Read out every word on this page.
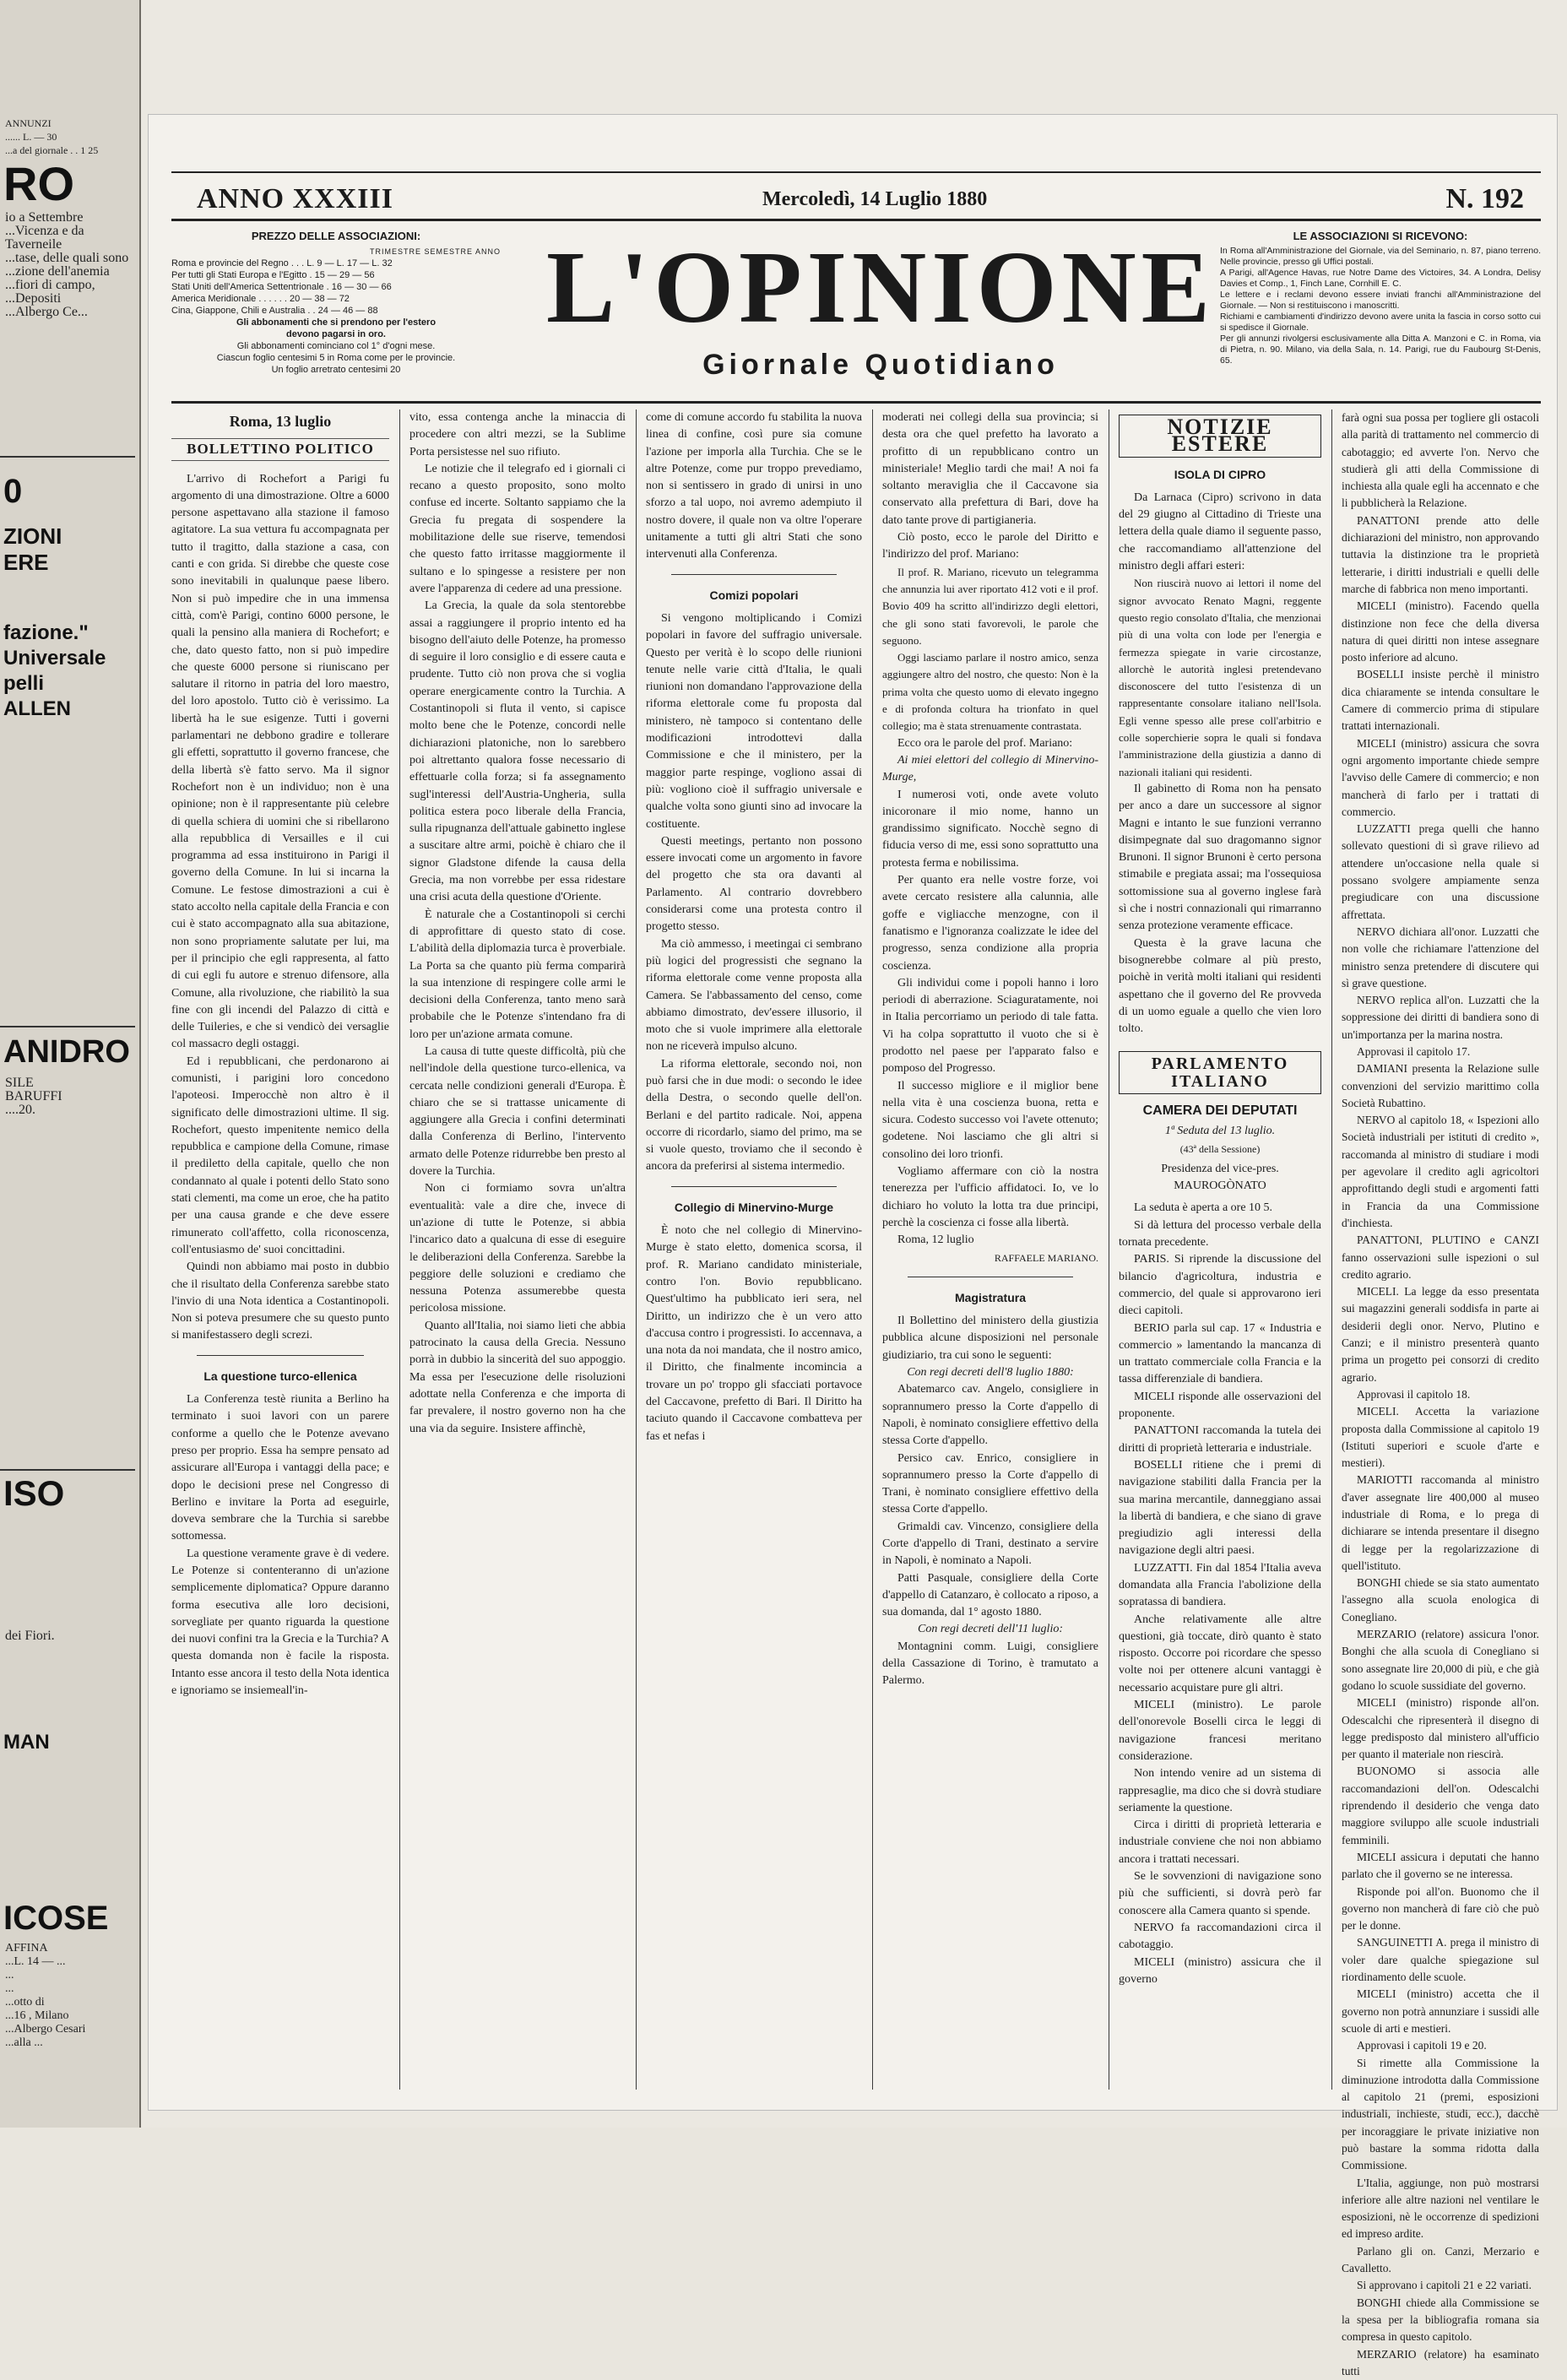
ANNUNZI
...... L. — 30
...a del giornale . . 1 25
RO
io a Settembre
...Vicenza e da Taverneile
...tase, delle quali sono
...zione dell'anemia
...fiori di campo,
...Depositi
...Albergo Ce...
0
ZIONI
ERE
fazione."
Universale
pelli
ALLEN
ANIDRO
SILE
BARUFFI
....20.
ISO
dei Fiori.
MAN
ICOSE
AFFINA
...L. 14 — ...
...
...
...otto di
...16 , Milano
...Albergo Cesari
...alla ...
ANNO XXXIII	Mercoledì, 14 Luglio 1880	N. 192
PREZZO DELLE ASSOCIAZIONI:
TRIMESTRE SEMESTRE ANNO
Roma e provincie del Regno . . . L. 9 — L. 17 — L. 32
Per tutti gli Stati Europa e l'Egitto . 15 — 29 — 56
Stati Uniti dell'America Settentrionale . 16 — 30 — 66
America Meridionale . . . . . . 20 — 38 — 72
Cina, Giappone, Chili e Australia . . 24 — 46 — 88
Gli abbonamenti che si prendono per l'estero
devono pagarsi in oro.
Gli abbonamenti cominciano col 1° d'ogni mese.
Ciascun foglio centesimi 5 in Roma come per le provincie.
Un foglio arretrato centesimi 20
L'OPINIONE
Giornale Quotidiano
LE ASSOCIAZIONI SI RICEVONO:
In Roma all'Amministrazione del Giornale, via del Seminario, n. 87, piano terreno. Nelle provincie, presso gli Uffici postali.
A Parigi, all'Agence Havas, rue Notre Dame des Victoires, 34. A Londra, Delisy Davies et Comp., 1, Finch Lane, Cornhill E. C.
Le lettere e i reclami devono essere inviati franchi all'Amministrazione del Giornale. — Non si restituiscono i manoscritti.
Richiami e cambiamenti d'indirizzo devono avere unita la fascia in corso sotto cui si spedisce il Giornale.
Per gli annunzi rivolgersi esclusivamente alla Ditta A. Manzoni e C. in Roma, via di Pietra, n. 90. Milano, via della Sala, n. 14. Parigi, rue du Faubourg St-Denis, 65.
Roma, 13 luglio
BOLLETTINO POLITICO

L'arrivo di Rochefort a Parigi fu argomento di una dimostrazione. Oltre a 6000 persone aspettavano alla stazione il famoso agitatore. La sua vettura fu accompagnata per tutto il tragitto, dalla stazione a casa, con canti e con grida. Si direbbe che queste cose sono inevitabili in qualunque paese libero. Non si può impedire che in una immensa città, com'è Parigi, contino 6000 persone, le quali la pensino alla maniera di Rochefort; e che, dato questo fatto, non si può impedire che queste 6000 persone si riuniscano per salutare il ritorno in patria del loro maestro, del loro apostolo. Tutto ciò è verissimo. La libertà ha le sue esigenze. Tutti i governi parlamentari ne debbono gradire e tollerare gli effetti, soprattutto il governo francese, che della libertà s'è fatto servo. Ma il signor Rochefort non è un individuo; non è una opinione; non è il rappresentante più celebre di quella schiera di uomini che si ribellarono alla repubblica di Versailles e il cui programma ad essa instituirono in Parigi il governo della Comune. In lui si incarna la Comune. Le festose dimostrazioni a cui è stato accolto nella capitale della Francia e con cui è stato accompagnato alla sua abitazione, non sono propriamente salutate per lui, ma per il principio che egli rappresenta, al fatto di cui egli fu autore e strenuo difensore, alla Comune, alla rivoluzione, che riabilitò la sua fine con gli incendi del Palazzo di città e delle Tuileries, e che si vendicò dei versaglie col massacro degli ostaggi.

Ed i repubblicani, che perdonarono ai comunisti, i parigini loro concedono l'apoteosi. Imperocchè non altro è il significato delle dimostrazioni ultime. Il sig. Rochefort, questo impenitente nemico della repubblica e campione della Comune, rimase il prediletto della capitale, quello che non condannato al quale i potenti dello Stato sono stati clementi, ma come un eroe, che ha patito per una causa grande e che deve essere rimunerato coll'affetto, colla riconoscenza, coll'entusiasmo de' suoi concittadini.

Quindi non abbiamo mai posto in dubbio che il risultato della Conferenza sarebbe stato l'invio di una Nota identica a Costantinopoli. Non si poteva presumere che su questo punto si manifestassero degli screzi.

La questione turco-ellenica

La Conferenza testè riunita a Berlino ha terminato i suoi lavori con un parere conforme a quello che le Potenze avevano preso per proprio. Essa ha sempre pensato ad assicurare all'Europa i vantaggi della pace; e dopo le decisioni prese nel Congresso di Berlino e invitare la Porta ad eseguirle, doveva sembrare che la Turchia si sarebbe sottomessa.

La questione veramente grave è di vedere. Le Potenze si contenteranno di un'azione semplicemente diplomatica? Oppure daranno forma esecutiva alle loro decisioni, sorvegliate per quanto riguarda la questione dei nuovi confini tra la Grecia e la Turchia? A questa domanda non è facile la risposta. Intanto esse ancora il testo della Nota identica e ignoriamo se insiemeall'in-

vito, essa contenga anche la minaccia di procedere con altri mezzi, se la Sublime Porta persistesse nel suo rifiuto.

Le notizie che il telegrafo ed i giornali ci recano a questo proposito, sono molto confuse ed incerte. Soltanto sappiamo che la Grecia fu pregata di sospendere la mobilitazione delle sue riserve, temendosi che questo fatto irritasse maggiormente il sultano e lo spingesse a resistere per non avere l'apparenza di cedere ad una pressione.

La Grecia, la quale da sola stentorebbe assai a raggiungere il proprio intento ed ha bisogno dell'aiuto delle Potenze, ha promesso di seguire il loro consiglio e di essere cauta e prudente. Tutto ciò non prova che si voglia operare energicamente contro la Turchia. A Costantinopoli si fluta il vento, si capisce molto bene che le Potenze, concordi nelle dichiarazioni platoniche, non lo sarebbero poi altrettanto qualora fosse necessario di effettuarle colla forza; si fa assegnamento sugl'interessi dell'Austria-Ungheria, sulla politica estera poco liberale della Francia, sulla ripugnanza dell'attuale gabinetto inglese a suscitare altre armi, poichè è chiaro che il signor Gladstone difende la causa della Grecia, ma non vorrebbe per essa ridestare una crisi acuta della questione d'Oriente.

È naturale che a Costantinopoli si cerchi di approfittare di questo stato di cose. L'abilità della diplomazia turca è proverbiale. La Porta sa che quanto più ferma comparirà la sua intenzione di respingere colle armi le decisioni della Conferenza, tanto meno sarà probabile che le Potenze s'intendano fra di loro per un'azione armata comune.

La causa di tutte queste difficoltà, più che nell'indole della questione turco-ellenica, va cercata nelle condizioni generali d'Europa. È chiaro che se si trattasse unicamente di aggiungere alla Grecia i confini determinati dalla Conferenza di Berlino, l'intervento armato delle Potenze ridurrebbe ben presto al dovere la Turchia.

Non ci formiamo sovra un'altra eventualità: vale a dire che, invece di un'azione di tutte le Potenze, si abbia l'incarico dato a qualcuna di esse di eseguire le deliberazioni della Conferenza. Sarebbe la peggiore delle soluzioni e crediamo che nessuna Potenza assumerebbe questa pericolosa missione.

Quanto all'Italia, noi siamo lieti che abbia patrocinato la causa della Grecia. Nessuno porrà in dubbio la sincerità del suo appoggio. Ma essa per l'esecuzione delle risoluzioni adottate nella Conferenza e che importa di far prevalere, il nostro governo non ha che una via da seguire. Insistere affinchè,

come di comune accordo fu stabilita la nuova linea di confine, così pure sia comune l'azione per imporla alla Turchia. Che se le altre Potenze, come pur troppo prevediamo, non si sentissero in grado di unirsi in uno sforzo a tal uopo, noi avremo adempiuto il nostro dovere, il quale non va oltre l'operare unitamente a tutti gli altri Stati che sono intervenuti alla Conferenza.

Comizi popolari

Si vengono moltiplicando i Comizi popolari in favore del suffragio universale. Questo per verità è lo scopo delle riunioni tenute nelle varie città d'Italia, le quali riunioni non domandano l'approvazione della riforma elettorale come fu proposta dal ministero, nè tampoco si contentano delle modificazioni introdottevi dalla Commissione e che il ministero, per la maggior parte respinge, vogliono assai di più: vogliono cioè il suffragio universale e qualche volta sono giunti sino ad invocare la costituente.

Questi meetings, pertanto non possono essere invocati come un argomento in favore del progetto che sta ora davanti al Parlamento. Al contrario dovrebbero considerarsi come una protesta contro il progetto stesso.

Ma ciò ammesso, i meetingai ci sembrano più logici del progressisti che segnano la riforma elettorale come venne proposta alla Camera. Se l'abbassamento del censo, come abbiamo dimostrato, dev'essere illusorio, il moto che si vuole imprimere alla elettorale non ne riceverà impulso alcuno.

La riforma elettorale, secondo noi, non può farsi che in due modi: o secondo le idee della Destra, o secondo quelle dell'on. Berlani e del partito radicale. Noi, appena occorre di ricordarlo, siamo del primo, ma se si vuole questo, troviamo che il secondo è ancora da preferirsi al sistema intermedio.

Collegio di Minervino-Murge

È noto che nel collegio di Minervino-Murge è stato eletto, domenica scorsa, il prof. R. Mariano candidato ministeriale, contro l'on. Bovio repubblicano. Quest'ultimo ha pubblicato ieri sera, nel Diritto, un indirizzo che è un vero atto d'accusa contro i progressisti. Io accennava, a una nota da noi mandata, che il nostro amico, il Diritto, che finalmente incomincia a trovare un po' troppo gli sfacciati portavoce del Caccavone, prefetto di Bari. Il Diritto ha taciuto quando il Caccavone combatteva per fas et nefas i

moderati nei collegi della sua provincia; si desta ora che quel prefetto ha lavorato a profitto di un repubblicano contro un ministeriale! Meglio tardi che mai! A noi fa soltanto meraviglia che il Caccavone sia conservato alla prefettura di Bari, dove ha dato tante prove di partigianeria.

Ciò posto, ecco le parole del Diritto e l'indirizzo del prof. Mariano:

Il prof. R. Mariano, ricevuto un telegramma che annunzia lui aver riportato 412 voti e il prof. Bovio 409 ha scritto all'indirizzo degli elettori, che gli sono stati favorevoli, le parole che seguono.

Oggi lasciamo parlare il nostro amico, senza aggiungere altro del nostro, che questo: Non è la prima volta che questo uomo di elevato ingegno e di profonda coltura ha trionfato in quel collegio; ma è stata strenuamente contrastata.

Ecco ora le parole del prof. Mariano:

Ai miei elettori del collegio di Minervino-Murge,

I numerosi voti, onde avete voluto inicoronare il mio nome, hanno un grandissimo significato. Nocchè segno di fiducia verso di me, essi sono soprattutto una protesta ferma e nobilissima.

Per quanto era nelle vostre forze, voi avete cercato resistere alla calunnia, alle goffe e vigliacche menzogne, con il fanatismo e l'ignoranza coalizzate le idee del progresso, senza condizione alla propria coscienza.

Gli individui come i popoli hanno i loro periodi di aberrazione. Sciaguratamente, noi in Italia percorriamo un periodo di tale fatta. Vi ha colpa soprattutto il vuoto che si è prodotto nel paese per l'apparato falso e pomposo del Progresso.

Il successo migliore e il miglior bene nella vita è una coscienza buona, retta e sicura. Codesto successo voi l'avete ottenuto; godetene. Noi lasciamo che gli altri si consolino dei loro trionfi.

Vogliamo affermare con ciò la nostra tenerezza per l'ufficio affidatoci. Io, ve lo dichiaro ho voluto la lotta tra due principi, perchè la coscienza ci fosse alla libertà.

Roma, 12 luglio

RAFFAELE MARIANO.
Magistratura

Il Bollettino del ministero della giustizia pubblica alcune disposizioni nel personale giudiziario, tra cui sono le seguenti:

Con regi decreti dell'8 luglio 1880:

Abatemarco cav. Angelo, consigliere in soprannumero presso la Corte d'appello di Napoli, è nominato consigliere effettivo della stessa Corte d'appello.

Persico cav. Enrico, consigliere in soprannumero presso la Corte d'appello di Trani, è nominato consigliere effettivo della stessa Corte d'appello.

Grimaldi cav. Vincenzo, consigliere della Corte d'appello di Trani, destinato a servire in Napoli, è nominato a Napoli.

Patti Pasquale, consigliere della Corte d'appello di Catanzaro, è collocato a riposo, a sua domanda, dal 1° agosto 1880.

Con regi decreti dell'11 luglio:

Montagnini comm. Luigi, consigliere della Cassazione di Torino, è tramutato a Palermo.

NOTIZIE ESTERE
ISOLA DI CIPRO

Da Larnaca (Cipro) scrivono in data del 29 giugno al Cittadino di Trieste una lettera della quale diamo il seguente passo, che raccomandiamo all'attenzione del ministro degli affari esteri:

Non riuscirà nuovo ai lettori il nome del signor avvocato Renato Magni, reggente questo regio consolato d'Italia, che menzionai più di una volta con lode per l'energia e fermezza spiegate in varie circostanze, allorchè le autorità inglesi pretendevano disconoscere del tutto l'esistenza di un rappresentante consolare italiano nell'Isola. Egli venne spesso alle prese coll'arbitrio e colle soperchierie sopra le quali si fondava l'amministrazione della giustizia a danno di nazionali italiani qui residenti.

Il gabinetto di Roma non ha pensato per anco a dare un successore al signor Magni e intanto le sue funzioni verranno disimpegnate dal suo dragomanno signor Brunoni. Il signor Brunoni è certo persona stimabile e pregiata assai; ma l'ossequiosa sottomissione sua al governo inglese farà sì che i nostri connazionali qui rimarranno senza protezione veramente efficace.

Questa è la grave lacuna che bisognerebbe colmare al più presto, poichè in verità molti italiani qui residenti aspettano che il governo del Re provveda di un uomo eguale a quello che vien loro tolto.

PARLAMENTO ITALIANO
CAMERA DEI DEPUTATI
1ª Seduta del 13 luglio.
(43ª della Sessione)
Presidenza del vice-pres. MAUROGÒNATO

La seduta è aperta a ore 10 5.

Si dà lettura del processo verbale della tornata precedente.

PARIS. Si riprende la discussione del bilancio d'agricoltura, industria e commercio, del quale si approvarono ieri dieci capitoli.

BERIO parla sul cap. 17 « Industria e commercio » lamentando la mancanza di un trattato commerciale colla Francia e la tassa differenziale di bandiera.

MICELI risponde alle osservazioni del proponente.

PANATTONI raccomanda la tutela dei diritti di proprietà letteraria e industriale.

BOSELLI ritiene che i premi di navigazione stabiliti dalla Francia per la sua marina mercantile, danneggiano assai la libertà di bandiera, e che siano di grave pregiudizio agli interessi della navigazione degli altri paesi.

LUZZATTI. Fin dal 1854 l'Italia aveva domandata alla Francia l'abolizione della sopratassa di bandiera.

Anche relativamente alle altre questioni, già toccate, dirò quanto è stato risposto. Occorre poi ricordare che spesso volte noi per ottenere alcuni vantaggi è necessario acquistare pure gli altri.

MICELI (ministro). Le parole dell'onorevole Boselli circa le leggi di navigazione francesi meritano considerazione.

Non intendo venire ad un sistema di rappresaglie, ma dico che si dovrà studiare seriamente la questione.

Circa i diritti di proprietà letteraria e industriale conviene che noi non abbiamo ancora i trattati necessari.

Se le sovvenzioni di navigazione sono più che sufficienti, si dovrà però far conoscere alla Camera quanto si spende.

NERVO fa raccomandazioni circa il cabotaggio.

MICELI (ministro) assicura che il governo

farà ogni sua possa per togliere gli ostacoli alla parità di trattamento nel commercio di cabotaggio; ed avverte l'on. Nervo che studierà gli atti della Commissione di inchiesta alla quale egli ha accennato e che li pubblicherà la Relazione.

PANATTONI prende atto delle dichiarazioni del ministro, non approvando tuttavia la distinzione tra le proprietà letterarie, i diritti industriali e quelli delle marche di fabbrica non meno importanti.

MICELI (ministro). Facendo quella distinzione non fece che della diversa natura di quei diritti non intese assegnare posto inferiore ad alcuno.

BOSELLI insiste perchè il ministro dica chiaramente se intenda consultare le Camere di commercio prima di stipulare trattati internazionali.

MICELI (ministro) assicura che sovra ogni argomento importante chiede sempre l'avviso delle Camere di commercio; e non mancherà di farlo per i trattati di commercio.

LUZZATTI prega quelli che hanno sollevato questioni di sì grave rilievo ad attendere un'occasione nella quale si possano svolgere ampiamente senza pregiudicare con una discussione affrettata.

NERVO dichiara all'onor. Luzzatti che non volle che richiamare l'attenzione del ministro senza pretendere di discutere qui sì grave questione.

NERVO replica all'on. Luzzatti che la soppressione dei diritti di bandiera sono di un'importanza per la marina nostra.

Approvasi il capitolo 17.

DAMIANI presenta la Relazione sulle convenzioni del servizio marittimo colla Società Rubattino.

NERVO al capitolo 18, « Ispezioni allo Società industriali per istituti di credito », raccomanda al ministro di studiare i modi per agevolare il credito agli agricoltori approfittando degli studi e argomenti fatti in Francia da una Commissione d'inchiesta.

PANATTONI, PLUTINO e CANZI fanno osservazioni sulle ispezioni o sul credito agrario.

MICELI. La legge da esso presentata sui magazzini generali soddisfa in parte ai desiderii degli onor. Nervo, Plutino e Canzi; e il ministro presenterà quanto prima un progetto pei consorzi di credito agrario.

Approvasi il capitolo 18.

MICELI. Accetta la variazione proposta dalla Commissione al capitolo 19 (Istituti superiori e scuole d'arte e mestieri).

MARIOTTI raccomanda al ministro d'aver assegnate lire 400,000 al museo industriale di Roma, e lo prega di dichiarare se intenda presentare il disegno di legge per la regolarizzazione di quell'istituto.

BONGHI chiede se sia stato aumentato l'assegno alla scuola enologica di Conegliano.

MERZARIO (relatore) assicura l'onor. Bonghi che alla scuola di Conegliano si sono assegnate lire 20,000 di più, e che già godano lo scuole sussidiate del governo.

MICELI (ministro) risponde all'on. Odescalchi che ripresenterà il disegno di legge predisposto dal ministero all'ufficio per quanto il materiale non riescirà.

BUONOMO si associa alle raccomandazioni dell'on. Odescalchi riprendendo il desiderio che venga dato maggiore sviluppo alle scuole industriali femminili.

MICELI assicura i deputati che hanno parlato che il governo se ne interessa.

Risponde poi all'on. Buonomo che il governo non mancherà di fare ciò che può per le donne.

SANGUINETTI A. prega il ministro di voler dare qualche spiegazione sul riordinamento delle scuole.

MICELI (ministro) accetta che il governo non potrà annunziare i sussidi alle scuole di arti e mestieri.

Approvasi i capitoli 19 e 20.

Si rimette alla Commissione la diminuzione introdotta dalla Commissione al capitolo 21 (premi, esposizioni industriali, inchieste, studi, ecc.), dacchè per incoraggiare le private iniziative non può bastare la somma ridotta dalla Commissione.

L'Italia, aggiunge, non può mostrarsi inferiore alle altre nazioni nel ventilare le esposizioni, nè le occorrenze di spedizioni ed impreso ardite.

Parlano gli on. Canzi, Merzario e Cavalletto.

Si approvano i capitoli 21 e 22 variati.

BONGHI chiede alla Commissione se la spesa per la bibliografia romana sia compresa in questo capitolo.

MERZARIO (relatore) ha esaminato tutti
